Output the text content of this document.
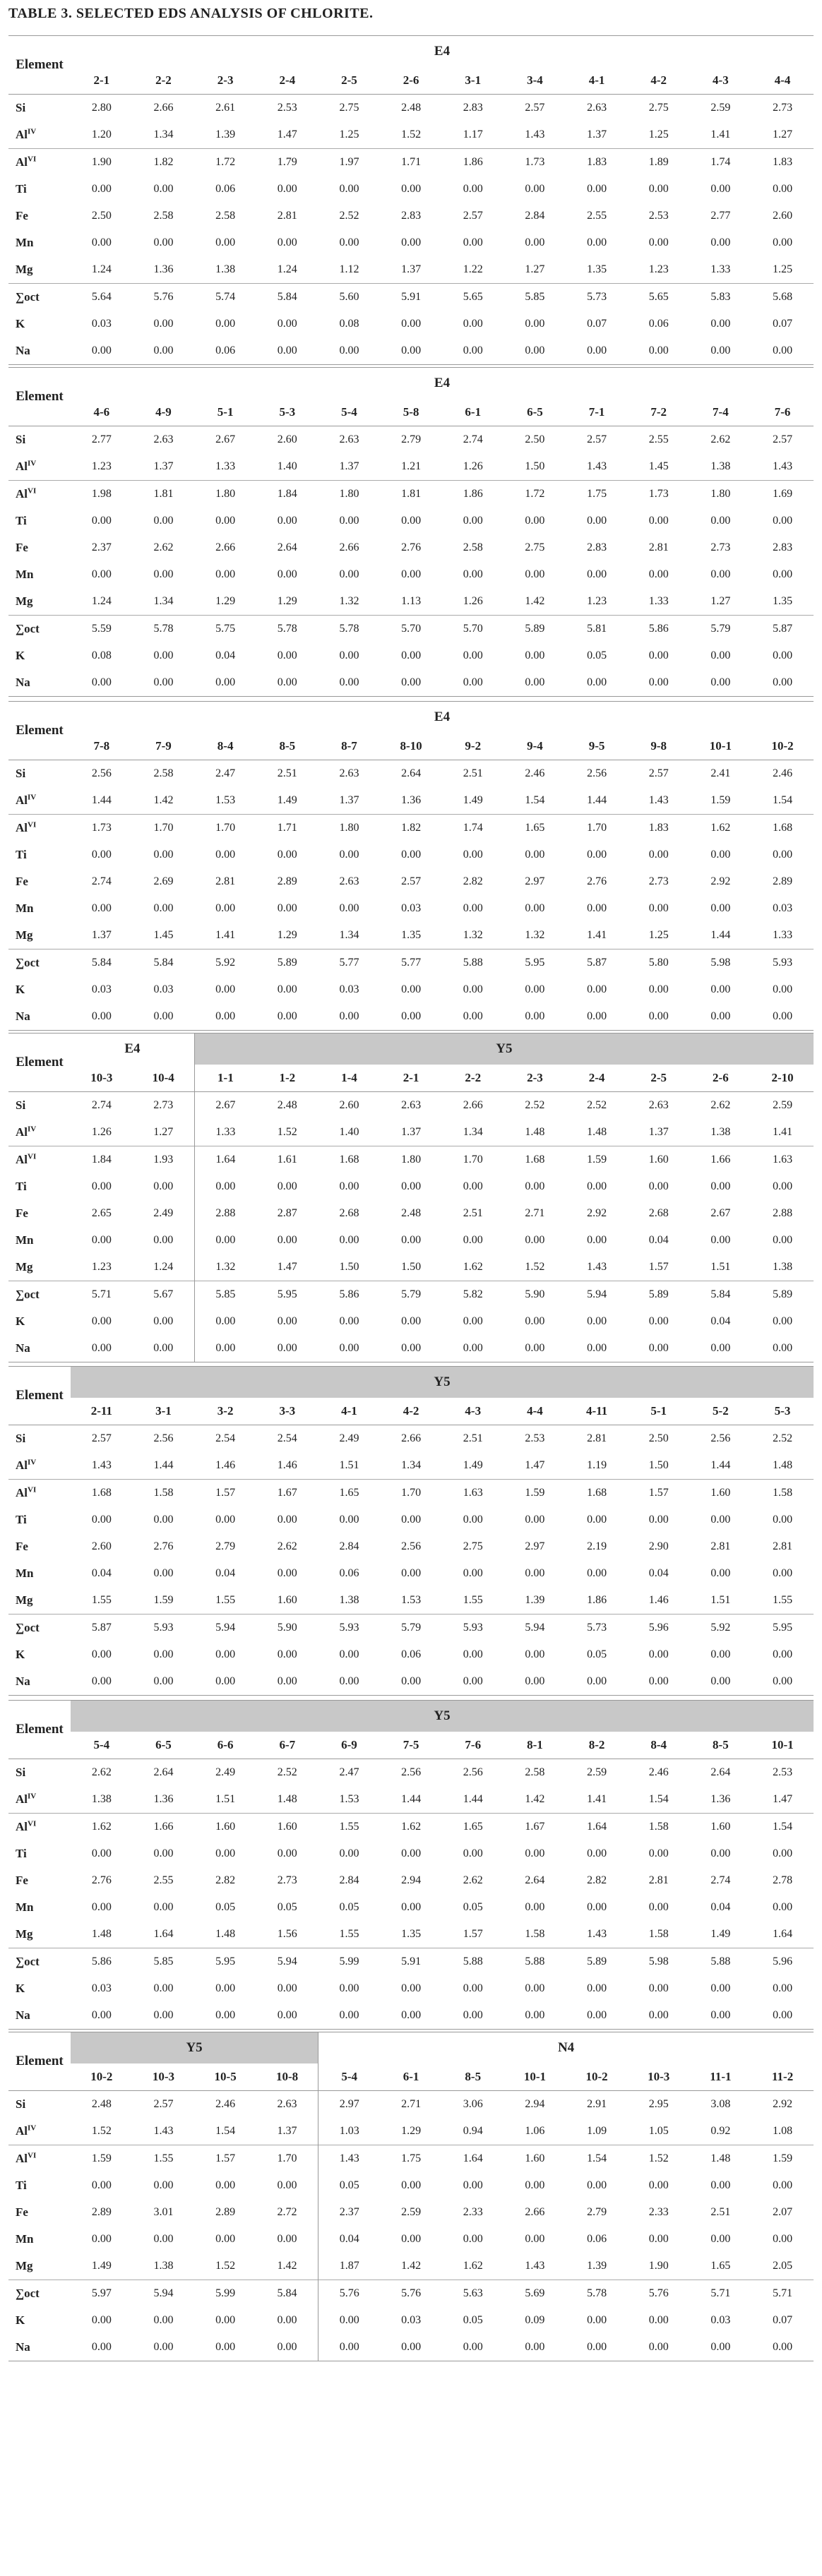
TABLE 3. SELECTED EDS ANALYSIS OF CHLORITE.
Element	E4											
	2-1	2-2	2-3	2-4	2-5	2-6	3-1	3-4	4-1	4-2	4-3	4-4
Si	2.80	2.66	2.61	2.53	2.75	2.48	2.83	2.57	2.63	2.75	2.59	2.73
$Al^{IV}$	1.20	1.34	1.39	1.47	1.25	1.52	1.17	1.43	1.37	1.25	1.41	1.27
$Al^{VI}$	1.90	1.82	1.72	1.79	1.97	1.71	1.86	1.73	1.83	1.89	1.74	1.83
Ti	0.00	0.00	0.06	0.00	0.00	0.00	0.00	0.00	0.00	0.00	0.00	0.00
Fe	2.50	2.58	2.58	2.81	2.52	2.83	2.57	2.84	2.55	2.53	2.77	2.60
Mn	0.00	0.00	0.00	0.00	0.00	0.00	0.00	0.00	0.00	0.00	0.00	0.00
Mg	1.24	1.36	1.38	1.24	1.12	1.37	1.22	1.27	1.35	1.23	1.33	1.25
∑oct	5.64	5.76	5.74	5.84	5.60	5.91	5.65	5.85	5.73	5.65	5.83	5.68
K	0.03	0.00	0.00	0.00	0.08	0.00	0.00	0.00	0.07	0.06	0.00	0.07
Na	0.00	0.00	0.06	0.00	0.00	0.00	0.00	0.00	0.00	0.00	0.00	0.00
Element	E4											
	4-6	4-9	5-1	5-3	5-4	5-8	6-1	6-5	7-1	7-2	7-4	7-6
Si	2.77	2.63	2.67	2.60	2.63	2.79	2.74	2.50	2.57	2.55	2.62	2.57
$Al^{IV}$	1.23	1.37	1.33	1.40	1.37	1.21	1.26	1.50	1.43	1.45	1.38	1.43
$Al^{VI}$	1.98	1.81	1.80	1.84	1.80	1.81	1.86	1.72	1.75	1.73	1.80	1.69
Ti	0.00	0.00	0.00	0.00	0.00	0.00	0.00	0.00	0.00	0.00	0.00	0.00
Fe	2.37	2.62	2.66	2.64	2.66	2.76	2.58	2.75	2.83	2.81	2.73	2.83
Mn	0.00	0.00	0.00	0.00	0.00	0.00	0.00	0.00	0.00	0.00	0.00	0.00
Mg	1.24	1.34	1.29	1.29	1.32	1.13	1.26	1.42	1.23	1.33	1.27	1.35
∑oct	5.59	5.78	5.75	5.78	5.78	5.70	5.70	5.89	5.81	5.86	5.79	5.87
K	0.08	0.00	0.04	0.00	0.00	0.00	0.00	0.00	0.05	0.00	0.00	0.00
Na	0.00	0.00	0.00	0.00	0.00	0.00	0.00	0.00	0.00	0.00	0.00	0.00
Element	E4											
	7-8	7-9	8-4	8-5	8-7	8-10	9-2	9-4	9-5	9-8	10-1	10-2
Si	2.56	2.58	2.47	2.51	2.63	2.64	2.51	2.46	2.56	2.57	2.41	2.46
$Al^{IV}$	1.44	1.42	1.53	1.49	1.37	1.36	1.49	1.54	1.44	1.43	1.59	1.54
$Al^{VI}$	1.73	1.70	1.70	1.71	1.80	1.82	1.74	1.65	1.70	1.83	1.62	1.68
Ti	0.00	0.00	0.00	0.00	0.00	0.00	0.00	0.00	0.00	0.00	0.00	0.00
Fe	2.74	2.69	2.81	2.89	2.63	2.57	2.82	2.97	2.76	2.73	2.92	2.89
Mn	0.00	0.00	0.00	0.00	0.00	0.03	0.00	0.00	0.00	0.00	0.00	0.03
Mg	1.37	1.45	1.41	1.29	1.34	1.35	1.32	1.32	1.41	1.25	1.44	1.33
∑oct	5.84	5.84	5.92	5.89	5.77	5.77	5.88	5.95	5.87	5.80	5.98	5.93
K	0.03	0.03	0.00	0.00	0.03	0.00	0.00	0.00	0.00	0.00	0.00	0.00
Na	0.00	0.00	0.00	0.00	0.00	0.00	0.00	0.00	0.00	0.00	0.00	0.00
Element	E4		Y5									
	10-3	10-4	1-1	1-2	1-4	2-1	2-2	2-3	2-4	2-5	2-6	2-10
Si	2.74	2.73	2.67	2.48	2.60	2.63	2.66	2.52	2.52	2.63	2.62	2.59
$Al^{IV}$	1.26	1.27	1.33	1.52	1.40	1.37	1.34	1.48	1.48	1.37	1.38	1.41
$Al^{VI}$	1.84	1.93	1.64	1.61	1.68	1.80	1.70	1.68	1.59	1.60	1.66	1.63
Ti	0.00	0.00	0.00	0.00	0.00	0.00	0.00	0.00	0.00	0.00	0.00	0.00
Fe	2.65	2.49	2.88	2.87	2.68	2.48	2.51	2.71	2.92	2.68	2.67	2.88
Mn	0.00	0.00	0.00	0.00	0.00	0.00	0.00	0.00	0.00	0.04	0.00	0.00
Mg	1.23	1.24	1.32	1.47	1.50	1.50	1.62	1.52	1.43	1.57	1.51	1.38
∑oct	5.71	5.67	5.85	5.95	5.86	5.79	5.82	5.90	5.94	5.89	5.84	5.89
K	0.00	0.00	0.00	0.00	0.00	0.00	0.00	0.00	0.00	0.00	0.04	0.00
Na	0.00	0.00	0.00	0.00	0.00	0.00	0.00	0.00	0.00	0.00	0.00	0.00
Element	Y5											
	2-11	3-1	3-2	3-3	4-1	4-2	4-3	4-4	4-11	5-1	5-2	5-3
Si	2.57	2.56	2.54	2.54	2.49	2.66	2.51	2.53	2.81	2.50	2.56	2.52
$Al^{IV}$	1.43	1.44	1.46	1.46	1.51	1.34	1.49	1.47	1.19	1.50	1.44	1.48
$Al^{VI}$	1.68	1.58	1.57	1.67	1.65	1.70	1.63	1.59	1.68	1.57	1.60	1.58
Ti	0.00	0.00	0.00	0.00	0.00	0.00	0.00	0.00	0.00	0.00	0.00	0.00
Fe	2.60	2.76	2.79	2.62	2.84	2.56	2.75	2.97	2.19	2.90	2.81	2.81
Mn	0.04	0.00	0.04	0.00	0.06	0.00	0.00	0.00	0.00	0.04	0.00	0.00
Mg	1.55	1.59	1.55	1.60	1.38	1.53	1.55	1.39	1.86	1.46	1.51	1.55
∑oct	5.87	5.93	5.94	5.90	5.93	5.79	5.93	5.94	5.73	5.96	5.92	5.95
K	0.00	0.00	0.00	0.00	0.00	0.06	0.00	0.00	0.05	0.00	0.00	0.00
Na	0.00	0.00	0.00	0.00	0.00	0.00	0.00	0.00	0.00	0.00	0.00	0.00
Element	Y5											
	5-4	6-5	6-6	6-7	6-9	7-5	7-6	8-1	8-2	8-4	8-5	10-1
Si	2.62	2.64	2.49	2.52	2.47	2.56	2.56	2.58	2.59	2.46	2.64	2.53
$Al^{IV}$	1.38	1.36	1.51	1.48	1.53	1.44	1.44	1.42	1.41	1.54	1.36	1.47
$Al^{VI}$	1.62	1.66	1.60	1.60	1.55	1.62	1.65	1.67	1.64	1.58	1.60	1.54
Ti	0.00	0.00	0.00	0.00	0.00	0.00	0.00	0.00	0.00	0.00	0.00	0.00
Fe	2.76	2.55	2.82	2.73	2.84	2.94	2.62	2.64	2.82	2.81	2.74	2.78
Mn	0.00	0.00	0.05	0.05	0.05	0.00	0.05	0.00	0.00	0.00	0.04	0.00
Mg	1.48	1.64	1.48	1.56	1.55	1.35	1.57	1.58	1.43	1.58	1.49	1.64
∑oct	5.86	5.85	5.95	5.94	5.99	5.91	5.88	5.88	5.89	5.98	5.88	5.96
K	0.03	0.00	0.00	0.00	0.00	0.00	0.00	0.00	0.00	0.00	0.00	0.00
Na	0.00	0.00	0.00	0.00	0.00	0.00	0.00	0.00	0.00	0.00	0.00	0.00
Element	Y5				N4							
	10-2	10-3	10-5	10-8	5-4	6-1	8-5	10-1	10-2	10-3	11-1	11-2
Si	2.48	2.57	2.46	2.63	2.97	2.71	3.06	2.94	2.91	2.95	3.08	2.92
$Al^{IV}$	1.52	1.43	1.54	1.37	1.03	1.29	0.94	1.06	1.09	1.05	0.92	1.08
$Al^{VI}$	1.59	1.55	1.57	1.70	1.43	1.75	1.64	1.60	1.54	1.52	1.48	1.59
Ti	0.00	0.00	0.00	0.00	0.05	0.00	0.00	0.00	0.00	0.00	0.00	0.00
Fe	2.89	3.01	2.89	2.72	2.37	2.59	2.33	2.66	2.79	2.33	2.51	2.07
Mn	0.00	0.00	0.00	0.00	0.04	0.00	0.00	0.00	0.06	0.00	0.00	0.00
Mg	1.49	1.38	1.52	1.42	1.87	1.42	1.62	1.43	1.39	1.90	1.65	2.05
∑oct	5.97	5.94	5.99	5.84	5.76	5.76	5.63	5.69	5.78	5.76	5.71	5.71
K	0.00	0.00	0.00	0.00	0.00	0.03	0.05	0.09	0.00	0.00	0.03	0.07
Na	0.00	0.00	0.00	0.00	0.00	0.00	0.00	0.00	0.00	0.00	0.00	0.00
